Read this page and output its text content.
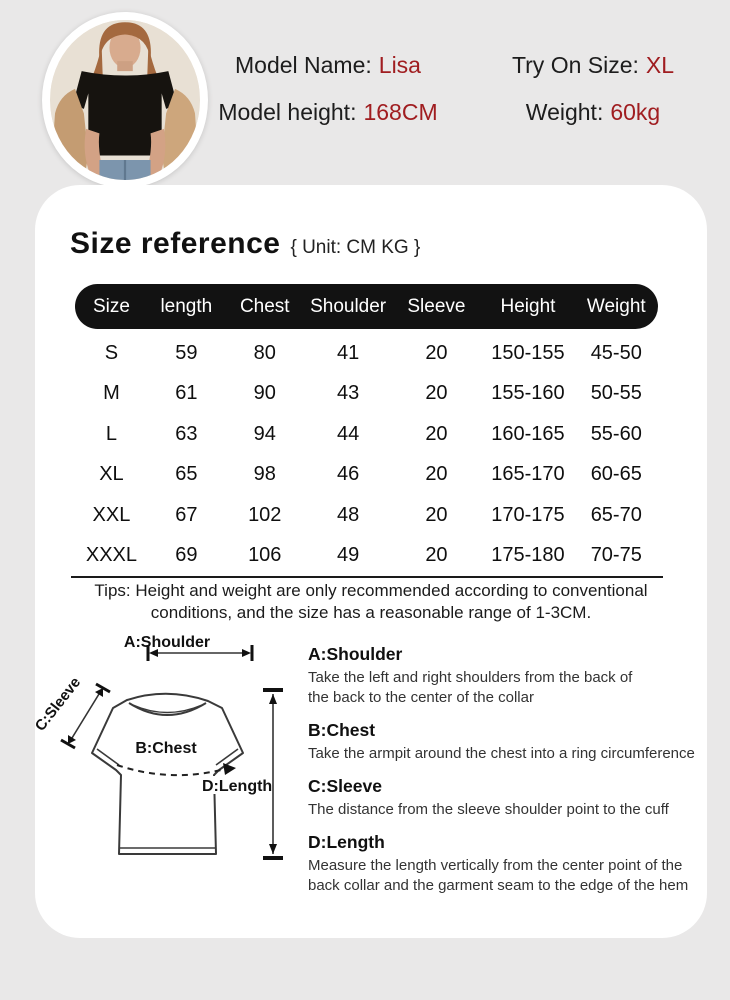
Model Name: Lisa	Try On Size: XL
Model height: 168CM	Weight: 60kg
Size reference { Unit: CM KG }
Size	length	Chest	Shoulder	Sleeve	Height	Weight
S	59	80	41	20	150-155	45-50
M	61	90	43	20	155-160	50-55
L	63	94	44	20	160-165	55-60
XL	65	98	46	20	165-170	60-65
XXL	67	102	48	20	170-175	65-70
XXXL	69	106	49	20	175-180	70-75
Tips: Height and weight are only recommended according to conventional
conditions, and the size has a reasonable range of 1-3CM.
A:Shoulder
C:Sleeve
B:Chest
D:Length
A:Shoulder
Take the left and right shoulders from the back of
the back to the center of the collar
B:Chest
Take the armpit around the chest into a ring circumference
C:Sleeve
The distance from the sleeve shoulder point to the cuff
D:Length
Measure the length vertically from the center point of the
back collar and the garment seam to the edge of the hem
